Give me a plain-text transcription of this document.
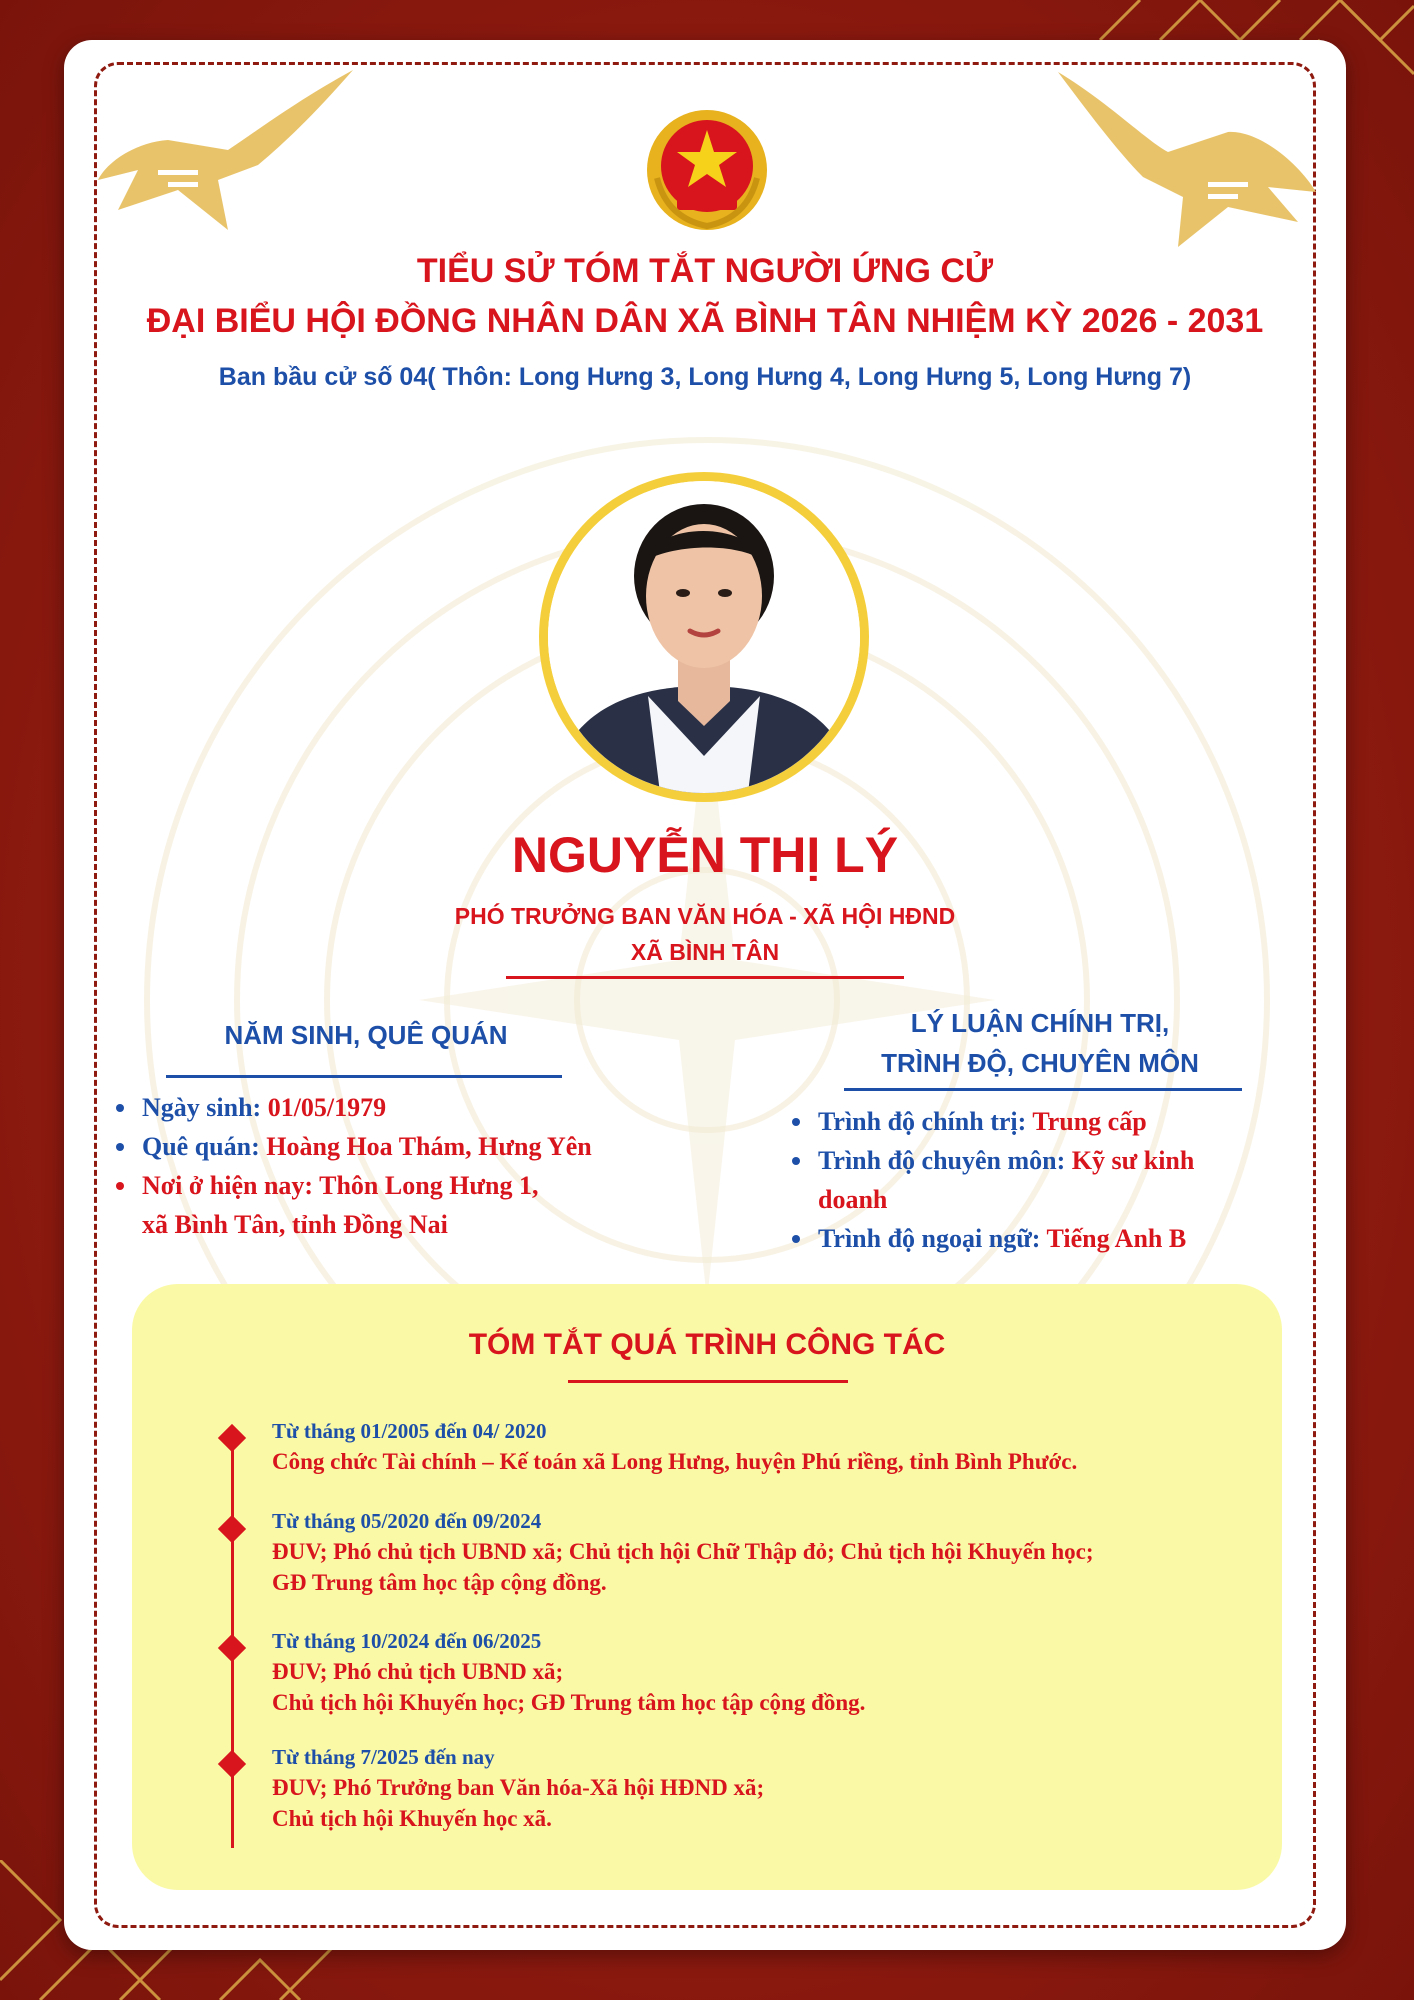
TIỂU SỬ TÓM TẮT NGƯỜI ỨNG CỬ
ĐẠI BIỂU HỘI ĐỒNG NHÂN DÂN XÃ BÌNH TÂN NHIỆM KỲ 2026 - 2031
Ban bầu cử số 04( Thôn: Long Hưng 3, Long Hưng 4, Long Hưng 5, Long Hưng 7)
NGUYỄN THỊ LÝ
PHÓ TRƯỞNG BAN VĂN HÓA - XÃ HỘI HĐND
XÃ BÌNH TÂN
NĂM SINH, QUÊ QUÁN
Ngày sinh: 01/05/1979
Quê quán: Hoàng Hoa Thám, Hưng Yên
Nơi ở hiện nay: Thôn Long Hưng 1,
xã Bình Tân, tỉnh Đồng Nai
LÝ LUẬN CHÍNH TRỊ,
TRÌNH ĐỘ, CHUYÊN MÔN
Trình độ chính trị: Trung cấp
Trình độ chuyên môn: Kỹ sư kinh
doanh
Trình độ ngoại ngữ: Tiếng Anh B
TÓM TẮT QUÁ TRÌNH CÔNG TÁC
Từ tháng 01/2005 đến 04/ 2020
Công chức Tài chính – Kế toán xã Long Hưng, huyện Phú riềng, tỉnh Bình Phước.
Từ tháng 05/2020 đến 09/2024
ĐUV; Phó chủ tịch UBND xã; Chủ tịch hội Chữ Thập đỏ; Chủ tịch hội Khuyến học;
GĐ Trung tâm học tập cộng đồng.
Từ tháng 10/2024 đến 06/2025
ĐUV; Phó chủ tịch UBND xã;
Chủ tịch hội Khuyến học; GĐ Trung tâm học tập cộng đồng.
Từ tháng 7/2025 đến nay
ĐUV; Phó Trưởng ban Văn hóa-Xã hội HĐND xã;
Chủ tịch hội Khuyến học xã.
